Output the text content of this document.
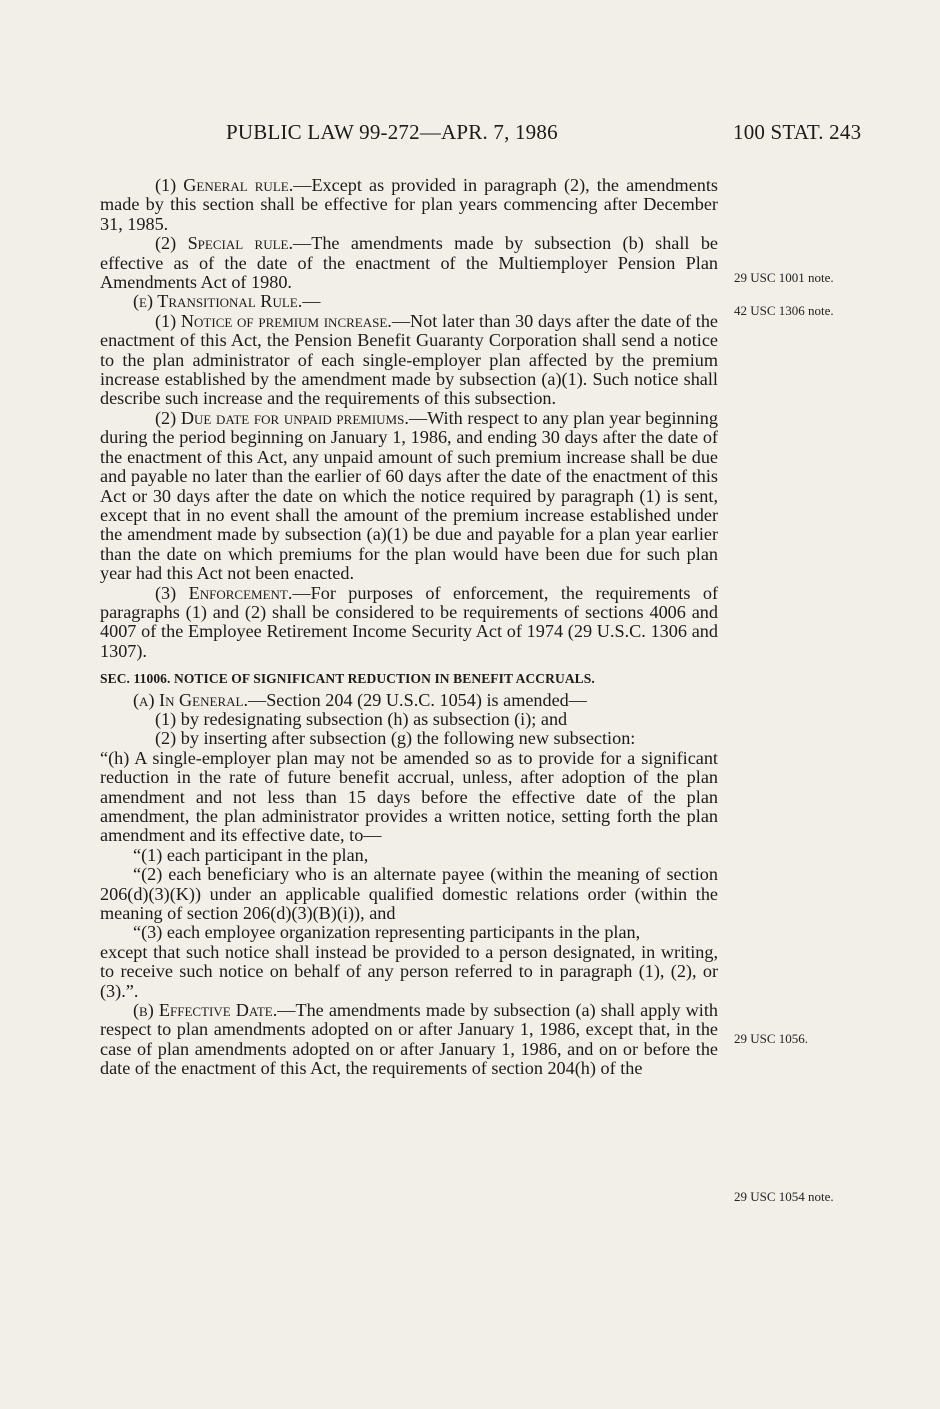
PUBLIC LAW 99-272—APR. 7, 1986	100 STAT. 243
29 USC 1001 note.
42 USC 1306 note.
29 USC 1056.
29 USC 1054 note.

(1) General rule.—Except as provided in paragraph (2), the amendments made by this section shall be effective for plan years commencing after December 31, 1985.

(2) Special rule.—The amendments made by subsection (b) shall be effective as of the date of the enactment of the Multiemployer Pension Plan Amendments Act of 1980.

(e) Transitional Rule.—

(1) Notice of premium increase.—Not later than 30 days after the date of the enactment of this Act, the Pension Benefit Guaranty Corporation shall send a notice to the plan administrator of each single-employer plan affected by the premium increase established by the amendment made by subsection (a)(1). Such notice shall describe such increase and the requirements of this subsection.

(2) Due date for unpaid premiums.—With respect to any plan year beginning during the period beginning on January 1, 1986, and ending 30 days after the date of the enactment of this Act, any unpaid amount of such premium increase shall be due and payable no later than the earlier of 60 days after the date of the enactment of this Act or 30 days after the date on which the notice required by paragraph (1) is sent, except that in no event shall the amount of the premium increase established under the amendment made by subsection (a)(1) be due and payable for a plan year earlier than the date on which premiums for the plan would have been due for such plan year had this Act not been enacted.

(3) Enforcement.—For purposes of enforcement, the requirements of paragraphs (1) and (2) shall be considered to be requirements of sections 4006 and 4007 of the Employee Retirement Income Security Act of 1974 (29 U.S.C. 1306 and 1307).

SEC. 11006. NOTICE OF SIGNIFICANT REDUCTION IN BENEFIT ACCRUALS.

(a) In General.—Section 204 (29 U.S.C. 1054) is amended—

(1) by redesignating subsection (h) as subsection (i); and

(2) by inserting after subsection (g) the following new subsection:

“(h) A single-employer plan may not be amended so as to provide for a significant reduction in the rate of future benefit accrual, unless, after adoption of the plan amendment and not less than 15 days before the effective date of the plan amendment, the plan administrator provides a written notice, setting forth the plan amendment and its effective date, to—

“(1) each participant in the plan,

“(2) each beneficiary who is an alternate payee (within the meaning of section 206(d)(3)(K)) under an applicable qualified domestic relations order (within the meaning of section 206(d)(3)(B)(i)), and

“(3) each employee organization representing participants in the plan,

except that such notice shall instead be provided to a person designated, in writing, to receive such notice on behalf of any person referred to in paragraph (1), (2), or (3).”.

(b) Effective Date.—The amendments made by subsection (a) shall apply with respect to plan amendments adopted on or after January 1, 1986, except that, in the case of plan amendments adopted on or after January 1, 1986, and on or before the date of the enactment of this Act, the requirements of section 204(h) of the
